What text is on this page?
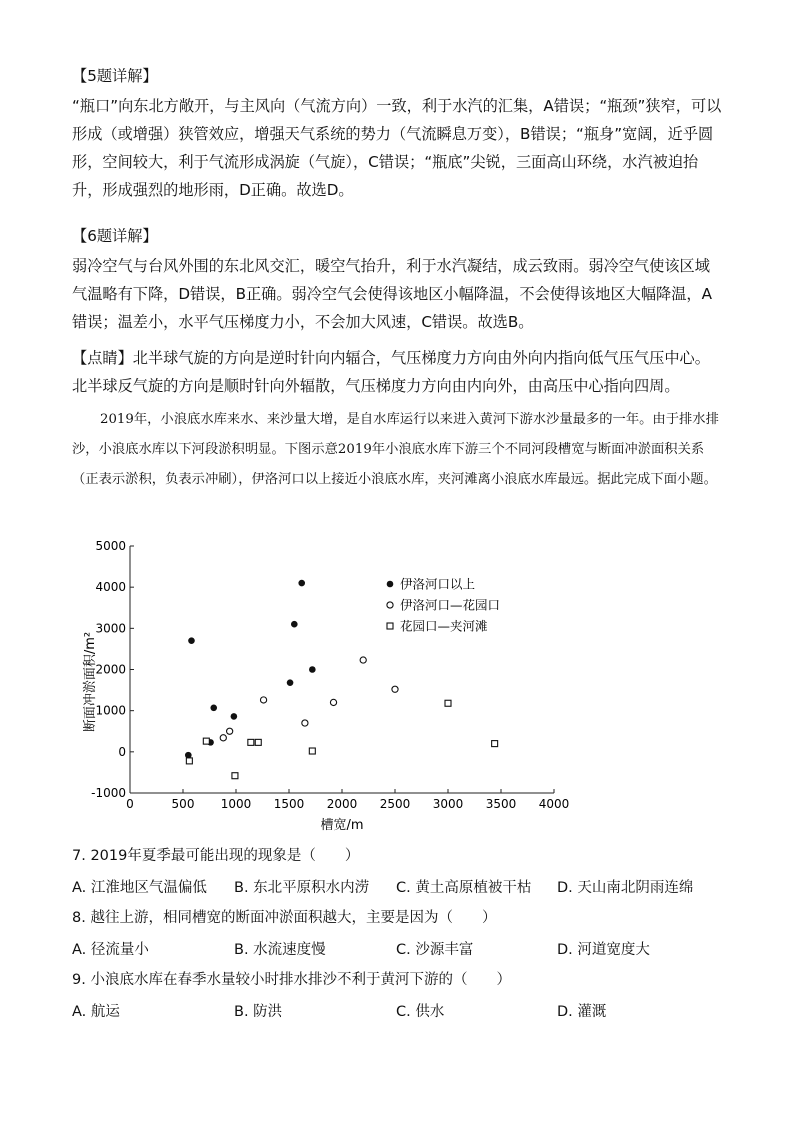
【5题详解】

“瓶口”向东北方敞开，与主风向（气流方向）一致，利于水汽的汇集，A错误；“瓶颈”狭窄，可以形成（或增强）狭管效应，增强天气系统的势力（气流瞬息万变），B错误；“瓶身”宽阔，近乎圆形，空间较大，利于气流形成涡旋（气旋），C错误；“瓶底”尖锐，三面高山环绕，水汽被迫抬升，形成强烈的地形雨，D正确。故选D。

【6题详解】

弱冷空气与台风外围的东北风交汇，暖空气抬升，利于水汽凝结，成云致雨。弱冷空气使该区域气温略有下降，D错误，B正确。弱冷空气会使得该地区小幅降温，不会使得该地区大幅降温，A错误；温差小，水平气压梯度力小，不会加大风速，C错误。故选B。

【点睛】北半球气旋的方向是逆时针向内辐合，气压梯度力方向由外向内指向低气压气压中心。北半球反气旋的方向是顺时针向外辐散，气压梯度力方向由内向外，由高压中心指向四周。

2019年，小浪底水库来水、来沙量大增，是自水库运行以来进入黄河下游水沙量最多的一年。由于排水排沙，小浪底水库以下河段淤积明显。下图示意2019年小浪底水库下游三个不同河段槽宽与断面冲淤面积关系（正表示淤积，负表示冲刷），伊洛河口以上接近小浪底水库，夹河滩离小浪底水库最远。据此完成下面小题。

断面冲淤面积/m²
槽宽/m
0	500 1000 1500 2000 2500 3000 3500 4000
-1000
0
1000
2000
3000
4000
5000
伊洛河口以上
伊洛河口—花园口
花园口—夹河滩
7. 2019年夏季最可能出现的现象是（　　）
A. 江淮地区气温偏低 B. 东北平原积水内涝 C. 黄土高原植被干枯 D. 天山南北阴雨连绵
8. 越往上游，相同槽宽的断面冲淤面积越大，主要是因为（　　）
A. 径流量小	B. 水流速度慢	C. 沙源丰富	D. 河道宽度大
9. 小浪底水库在春季水量较小时排水排沙不利于黄河下游的（　　）
A. 航运	B. 防洪	C. 供水	D. 灌溉
